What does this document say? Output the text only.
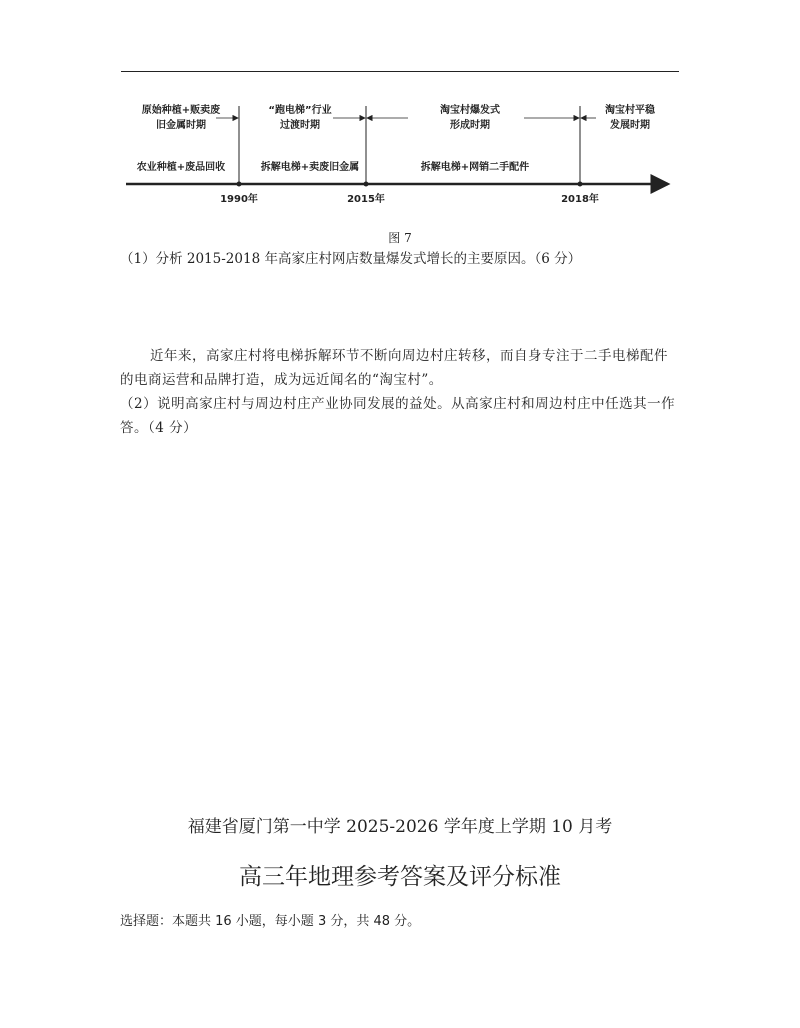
原始种植+贩卖废
旧金属时期
农业种植+废品回收
“跑电梯”行业
过渡时期
拆解电梯+卖废旧金属
淘宝村爆发式
形成时期
拆解电梯+网销二手配件
淘宝村平稳
发展时期
1990年	2015年	2018年
图 7
（1）分析 2015-2018 年高家庄村网店数量爆发式增长的主要原因。（6 分）
近年来，高家庄村将电梯拆解环节不断向周边村庄转移，而自身专注于二手电梯配件的电商运营和品牌打造，成为远近闻名的“淘宝村”。
（2）说明高家庄村与周边村庄产业协同发展的益处。从高家庄村和周边村庄中任选其一作答。（4 分）
福建省厦门第一中学 2025-2026 学年度上学期 10 月考
高三年地理参考答案及评分标准
选择题：本题共 16 小题，每小题 3 分，共 48 分。
